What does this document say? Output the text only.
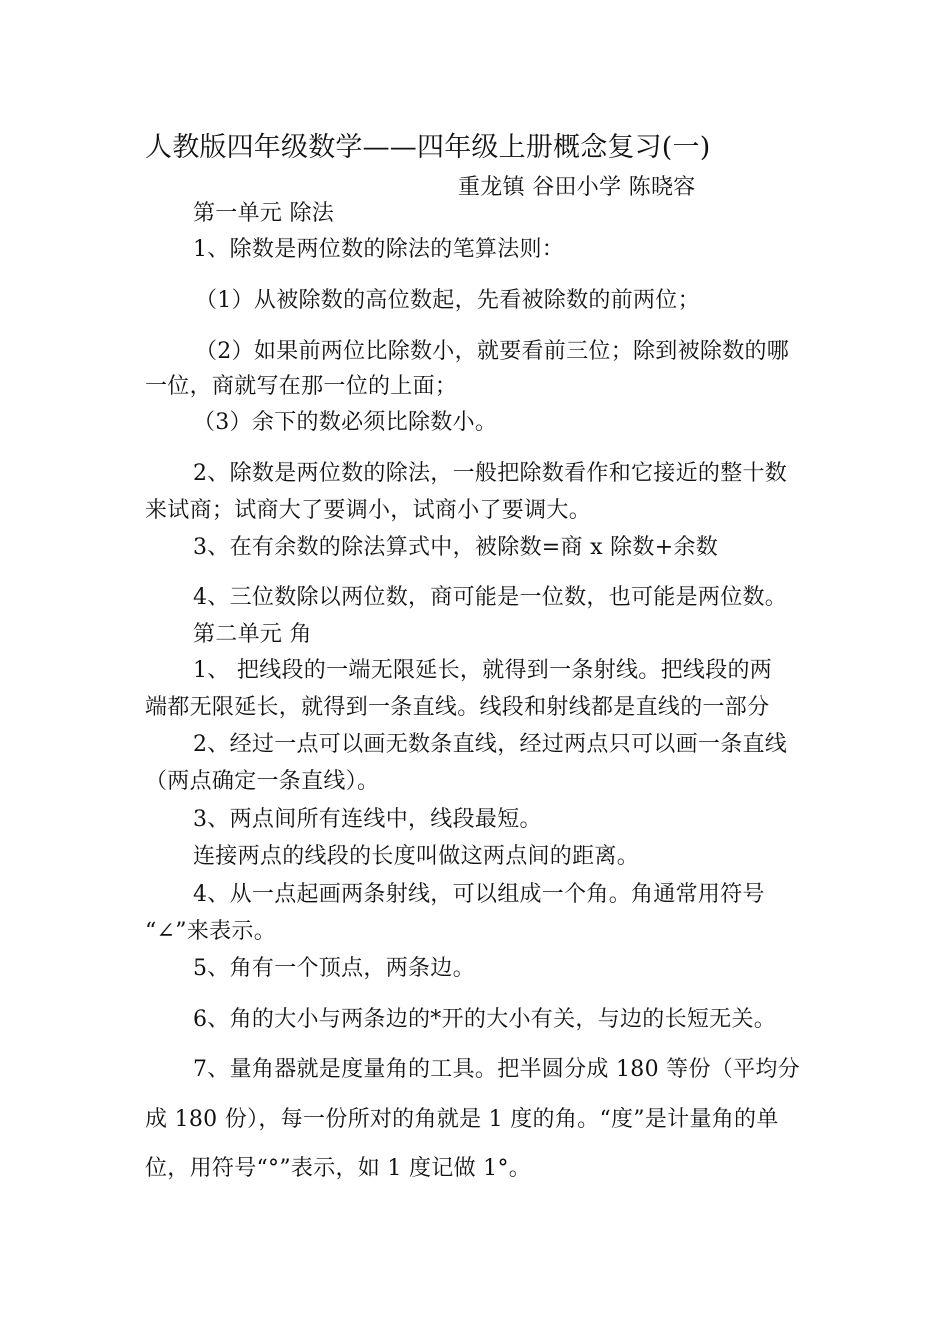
人教版四年级数学——四年级上册概念复习(一)
重龙镇 谷田小学 陈晓容
第一单元 除法
1、除数是两位数的除法的笔算法则：
（1）从被除数的高位数起，先看被除数的前两位；
（2）如果前两位比除数小，就要看前三位；除到被除数的哪
一位，商就写在那一位的上面；
（3）余下的数必须比除数小。
2、除数是两位数的除法，一般把除数看作和它接近的整十数
来试商；试商大了要调小，试商小了要调大。
3、在有余数的除法算式中，被除数=商 x 除数+余数
4、三位数除以两位数，商可能是一位数，也可能是两位数。
第二单元 角
1、 把线段的一端无限延长，就得到一条射线。把线段的两
端都无限延长，就得到一条直线。线段和射线都是直线的一部分
2、经过一点可以画无数条直线，经过两点只可以画一条直线
（两点确定一条直线）。
3、两点间所有连线中，线段最短。
连接两点的线段的长度叫做这两点间的距离。
4、从一点起画两条射线，可以组成一个角。角通常用符号
“∠”来表示。
5、角有一个顶点，两条边。
6、角的大小与两条边的*开的大小有关，与边的长短无关。
7、量角器就是度量角的工具。把半圆分成 180 等份（平均分
成 180 份），每一份所对的角就是 1 度的角。“度”是计量角的单
位，用符号“°”表示，如 1 度记做 1°。
